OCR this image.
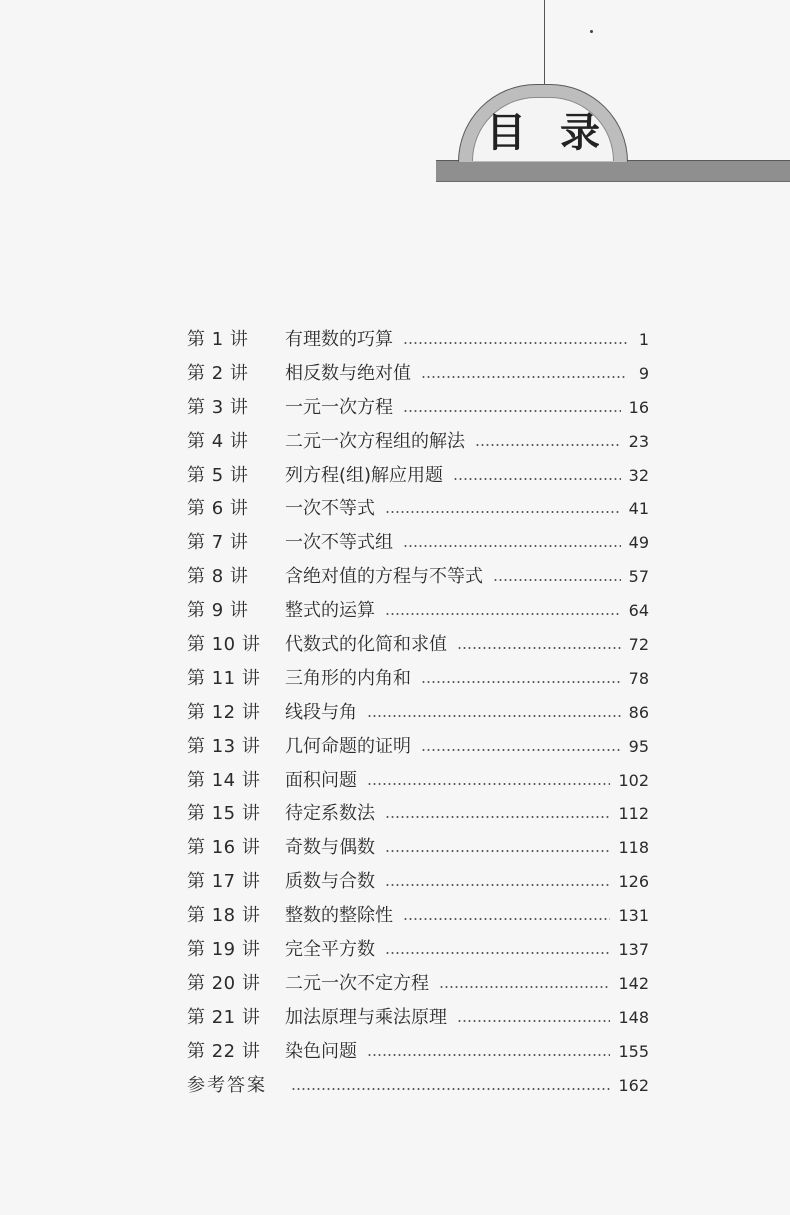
目 录
第 1 讲	有理数的巧算	1
第 2 讲	相反数与绝对值	9
第 3 讲	一元一次方程	16
第 4 讲	二元一次方程组的解法	23
第 5 讲	列方程(组)解应用题	32
第 6 讲	一次不等式	41
第 7 讲	一次不等式组	49
第 8 讲	含绝对值的方程与不等式	57
第 9 讲	整式的运算	64
第 10 讲	代数式的化简和求值	72
第 11 讲	三角形的内角和	78
第 12 讲	线段与角	86
第 13 讲	几何命题的证明	95
第 14 讲	面积问题	102
第 15 讲	待定系数法	112
第 16 讲	奇数与偶数	118
第 17 讲	质数与合数	126
第 18 讲	整数的整除性	131
第 19 讲	完全平方数	137
第 20 讲	二元一次不定方程	142
第 21 讲	加法原理与乘法原理	148
第 22 讲	染色问题	155
参考答案	162
